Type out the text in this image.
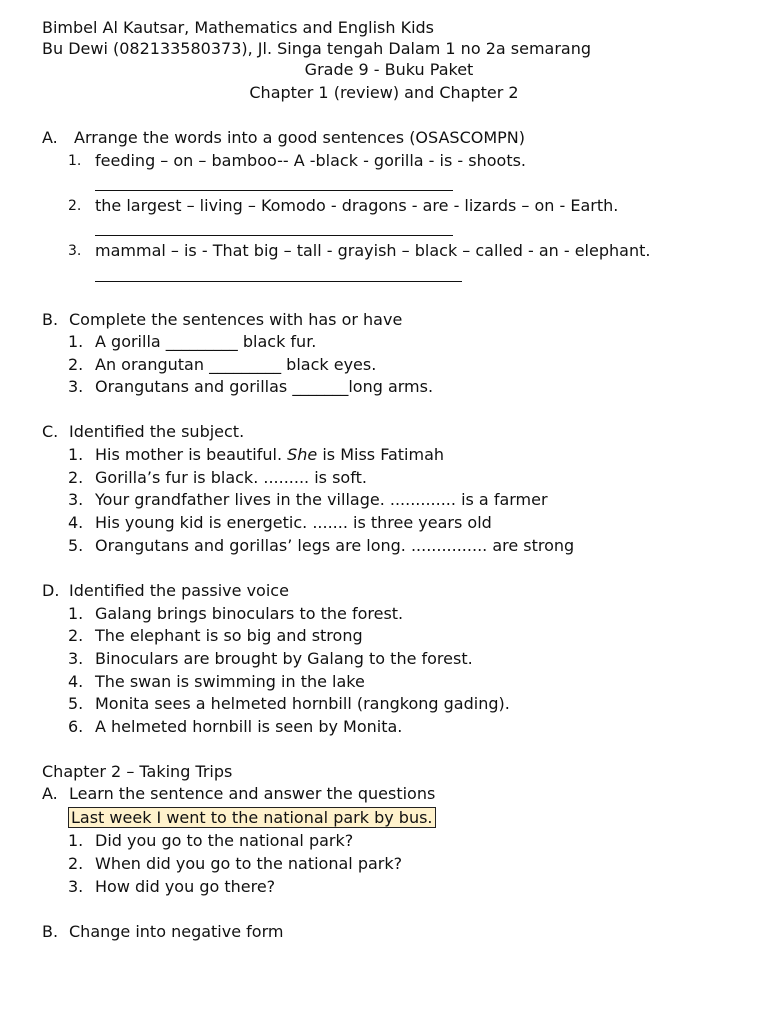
Bimbel Al Kautsar, Mathematics and English Kids
Bu Dewi (082133580373), Jl. Singa tengah Dalam 1 no 2a semarang
Grade 9 - Buku Paket
Chapter 1 (review) and Chapter 2
A. Arrange the words into a good sentences (OSASCOMPN)
1. feeding – on – bamboo-- A -black - gorilla - is - shoots.
2. the largest – living – Komodo - dragons - are - lizards – on - Earth.
3. mammal – is - That big – tall - grayish – black – called - an - elephant.
B. Complete the sentences with has or have
1. A gorilla _________ black fur.
2. An orangutan _________ black eyes.
3. Orangutans and gorillas _______long arms.
C. Identified the subject.
1. His mother is beautiful. She is Miss Fatimah
2. Gorilla’s fur is black. ......... is soft.
3. Your grandfather lives in the village. ............. is a farmer
4. His young kid is energetic. ....... is three years old
5. Orangutans and gorillas’ legs are long. ............... are strong
D. Identified the passive voice
1. Galang brings binoculars to the forest.
2. The elephant is so big and strong
3. Binoculars are brought by Galang to the forest.
4. The swan is swimming in the lake
5. Monita sees a helmeted hornbill (rangkong gading).
6. A helmeted hornbill is seen by Monita.
Chapter 2 – Taking Trips
A. Learn the sentence and answer the questions
Last week I went to the national park by bus.
1. Did you go to the national park?
2. When did you go to the national park?
3. How did you go there?
B. Change into negative form
